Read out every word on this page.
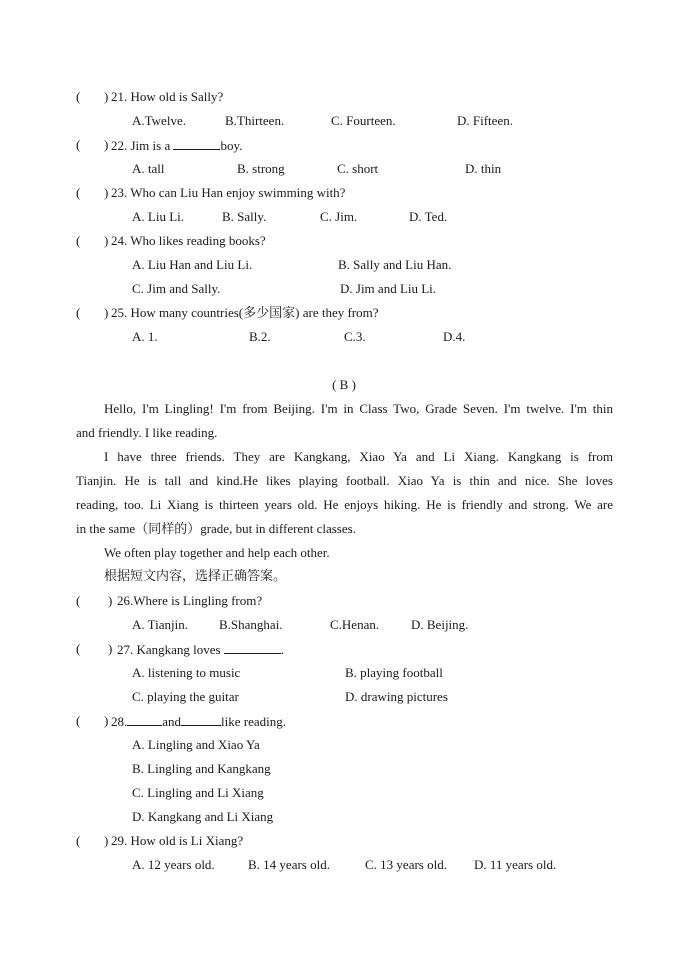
( ) 21. How old is Sally?
A.Twelve.	B.Thirteen.	C. Fourteen.	D. Fifteen.
( ) 22. Jim is a	boy.
A. tall	B. strong	C. short	D. thin
( ) 23. Who can Liu Han enjoy swimming with?
A. Liu Li.	B. Sally.	C. Jim.	D. Ted.
( ) 24. Who likes reading books?
A. Liu Han and Liu Li.	B. Sally and Liu Han.
C. Jim and Sally.	D. Jim and Liu Li.
( ) 25. How many countries(多少国家) are they from?
A. 1.	B.2.	C.3.	D.4.
( B )
Hello, I'm Lingling! I'm from Beijing. I'm in Class Two, Grade Seven. I'm twelve. I'm thin
and friendly. I like reading.
I have three friends. They are Kangkang, Xiao Ya and Li Xiang. Kangkang is from
Tianjin. He is tall and kind.He likes playing football. Xiao Ya is thin and nice. She loves
reading, too. Li Xiang is thirteen years old. He enjoys hiking. He is friendly and strong. We are
in the same（同样的）grade, but in different classes.
We often play together and help each other.
根据短文内容，选择正确答案。
( ) 26.Where is Lingling from?
A. Tianjin. B.Shanghai.	C.Henan. D. Beijing.
( ) 27. Kangkang loves	.
A. listening to music	B. playing football
C. playing the guitar	D. drawing pictures
( ) 28.	and	like reading.
A. Lingling and Xiao Ya
B. Lingling and Kangkang
C. Lingling and Li Xiang
D. Kangkang and Li Xiang
( ) 29. How old is Li Xiang?
A. 12 years old.	B. 14 years old.	C. 13 years old. D. 11 years old.
